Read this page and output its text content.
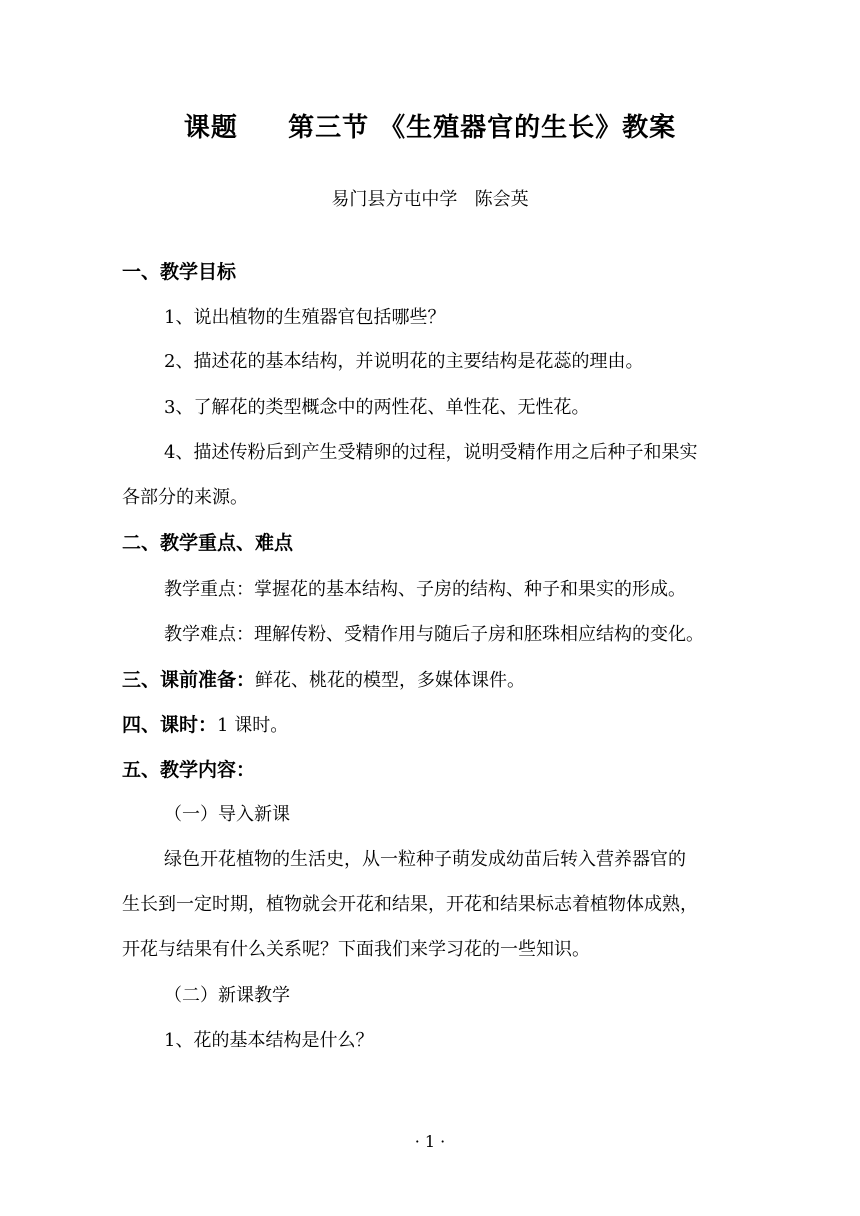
课题     第三节 《生殖器官的生长》教案
易门县方屯中学   陈会英
一、教学目标
1、说出植物的生殖器官包括哪些？
2、描述花的基本结构，并说明花的主要结构是花蕊的理由。
3、了解花的类型概念中的两性花、单性花、无性花。
4、描述传粉后到产生受精卵的过程，说明受精作用之后种子和果实
各部分的来源。
二、教学重点、难点
教学重点：掌握花的基本结构、子房的结构、种子和果实的形成。
教学难点：理解传粉、受精作用与随后子房和胚珠相应结构的变化。
三、课前准备：鲜花、桃花的模型，多媒体课件。
四、课时：1 课时。
五、教学内容：
（一）导入新课
绿色开花植物的生活史，从一粒种子萌发成幼苗后转入营养器官的
生长到一定时期，植物就会开花和结果，开花和结果标志着植物体成熟，
开花与结果有什么关系呢？下面我们来学习花的一些知识。
（二）新课教学
1、花的基本结构是什么？
· 1 ·
